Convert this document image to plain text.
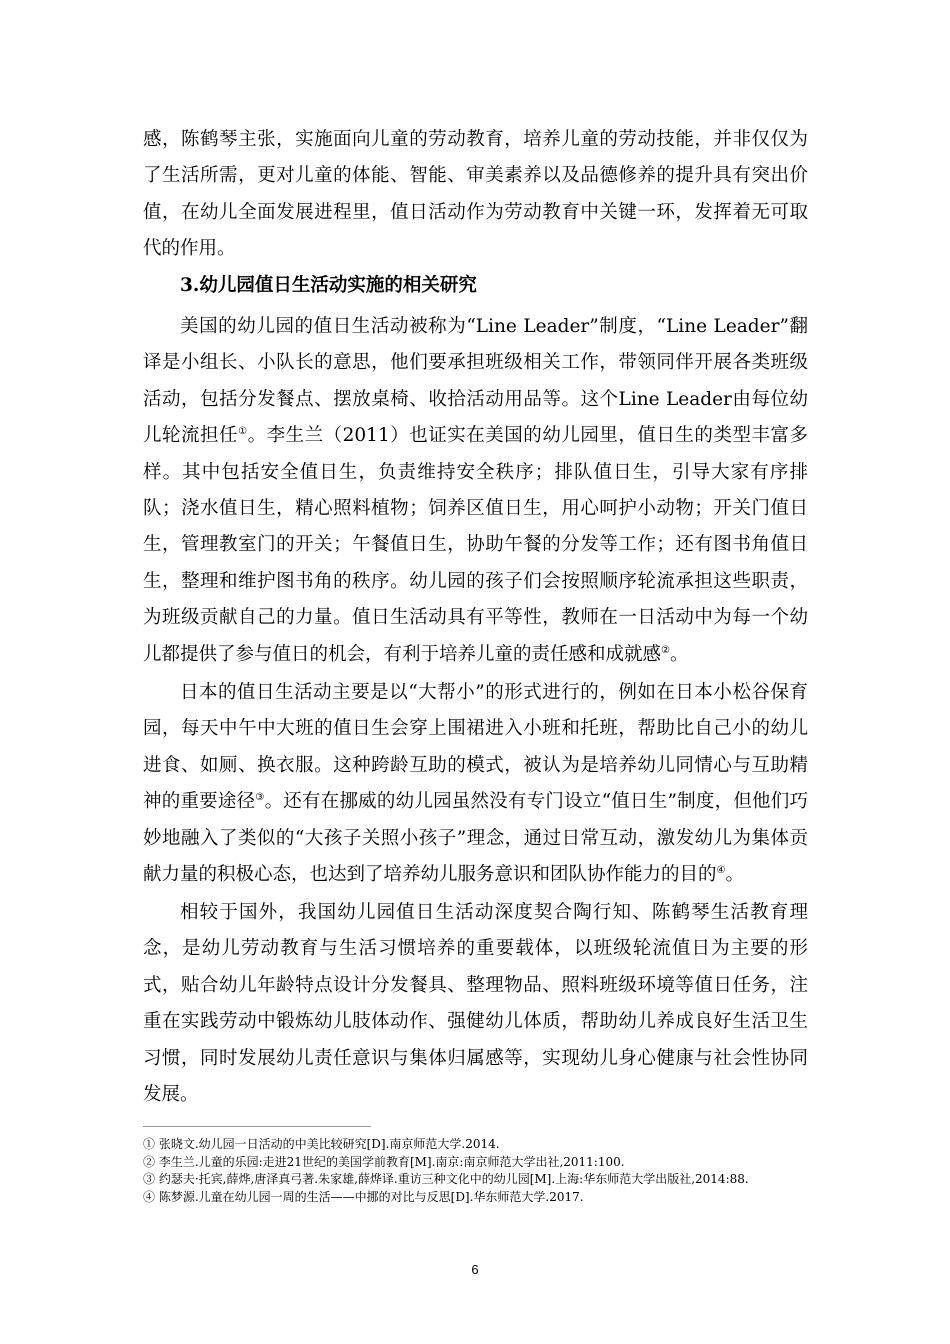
感，陈鹤琴主张，实施面向儿童的劳动教育，培养儿童的劳动技能，并非仅仅为了生活所需，更对儿童的体能、智能、审美素养以及品德修养的提升具有突出价值，在幼儿全面发展进程里，值日活动作为劳动教育中关键一环，发挥着无可取代的作用。

3.幼儿园值日生活动实施的相关研究

美国的幼儿园的值日生活动被称为“Line Leader”制度，“Line Leader”翻译是小组长、小队长的意思，他们要承担班级相关工作，带领同伴开展各类班级活动，包括分发餐点、摆放桌椅、收拾活动用品等。这个Line Leader由每位幼儿轮流担任①。李生兰（2011）也证实在美国的幼儿园里，值日生的类型丰富多样。其中包括安全值日生，负责维持安全秩序；排队值日生，引导大家有序排队；浇水值日生，精心照料植物；饲养区值日生，用心呵护小动物；开关门值日生，管理教室门的开关；午餐值日生，协助午餐的分发等工作；还有图书角值日生，整理和维护图书角的秩序。幼儿园的孩子们会按照顺序轮流承担这些职责，为班级贡献自己的力量。值日生活动具有平等性，教师在一日活动中为每一个幼儿都提供了参与值日的机会，有利于培养儿童的责任感和成就感②。

日本的值日生活动主要是以“大帮小”的形式进行的，例如在日本小松谷保育园，每天中午中大班的值日生会穿上围裙进入小班和托班，帮助比自己小的幼儿进食、如厕、换衣服。这种跨龄互助的模式，被认为是培养幼儿同情心与互助精神的重要途径③。还有在挪威的幼儿园虽然没有专门设立“值日生”制度，但他们巧妙地融入了类似的“大孩子关照小孩子”理念，通过日常互动，激发幼儿为集体贡献力量的积极心态，也达到了培养幼儿服务意识和团队协作能力的目的④。

相较于国外，我国幼儿园值日生活动深度契合陶行知、陈鹤琴生活教育理念，是幼儿劳动教育与生活习惯培养的重要载体，以班级轮流值日为主要的形式，贴合幼儿年龄特点设计分发餐具、整理物品、照料班级环境等值日任务，注重在实践劳动中锻炼幼儿肢体动作、强健幼儿体质，帮助幼儿养成良好生活卫生习惯，同时发展幼儿责任意识与集体归属感等，实现幼儿身心健康与社会性协同发展。

① 张晓文.幼儿园一日活动的中美比较研究[D].南京师范大学.2014.
② 李生兰.儿童的乐园:走进21世纪的美国学前教育[M].南京:南京师范大学出社,2011:100.
③ 约瑟夫·托宾,薛烨,唐泽真弓著.朱家雄,薛烨译.重访三种文化中的幼儿园[M].上海:华东师范大学出版社,2014:88.
④ 陈梦源.儿童在幼儿园一周的生活——中挪的对比与反思[D].华东师范大学.2017.
6
